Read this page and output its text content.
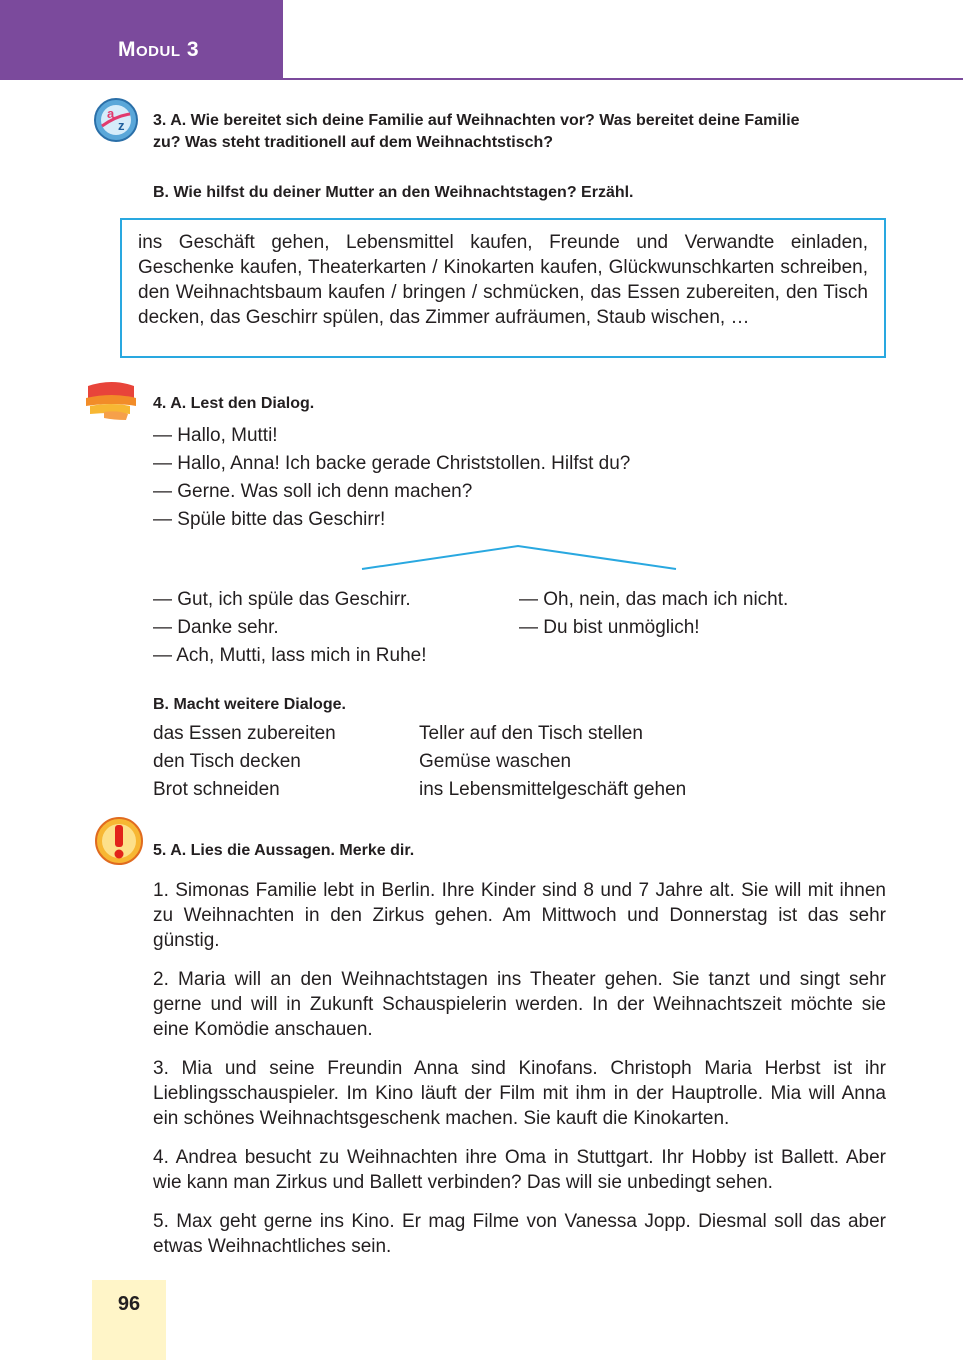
Modul 3
a
z 3. A. Wie bereitet sich deine Familie auf Weihnachten vor? Was bereitet deine Familie
zu? Was steht traditionell auf dem Weihnachtstisch?
B. Wie hilfst du deiner Mutter an den Weihnachtstagen? Erzähl.

ins Geschäft gehen, Lebensmittel kaufen, Freunde und Verwandte einladen, Geschenke kaufen, Theaterkarten / Kinokarten kaufen, Glückwunschkarten schreiben, den Weihnachtsbaum kaufen / bringen / schmücken, das Essen zubereiten, den Tisch decken, das Geschirr spülen, das Zimmer aufräumen, Staub wischen, …

4. A. Lest den Dialog.
— Hallo, Mutti!
— Hallo, Anna! Ich backe gerade Christstollen. Hilfst du?
— Gerne. Was soll ich denn machen?
— Spüle bitte das Geschirr!
— Gut, ich spüle das Geschirr.
— Danke sehr.
— Ach, Mutti, lass mich in Ruhe!
— Oh, nein, das mach ich nicht.
— Du bist unmöglich!
B. Macht weitere Dialoge.
das Essen zubereiten
den Tisch decken
Brot schneiden
Teller auf den Tisch stellen
Gemüse waschen
ins Lebensmittelgeschäft gehen
5. A. Lies die Aussagen. Merke dir.

1. Simonas Familie lebt in Berlin. Ihre Kinder sind 8 und 7 Jahre alt. Sie will mit ihnen zu Weihnachten in den Zirkus gehen. Am Mittwoch und Donnerstag ist das sehr günstig.

2. Maria will an den Weihnachtstagen ins Theater gehen. Sie tanzt und singt sehr gerne und will in Zukunft Schauspielerin werden. In der Weihnachtszeit möchte sie eine Komödie anschauen.

3. Mia und seine Freundin Anna sind Kinofans. Christoph Maria Herbst ist ihr Lieblingsschauspieler. Im Kino läuft der Film mit ihm in der Hauptrolle. Mia will Anna ein schönes Weihnachtsgeschenk machen. Sie kauft die Kinokarten.

4. Andrea besucht zu Weihnachten ihre Oma in Stuttgart. Ihr Hobby ist Ballett. Aber wie kann man Zirkus und Ballett verbinden? Das will sie unbedingt sehen.

5. Max geht gerne ins Kino. Er mag Filme von Vanessa Jopp. Diesmal soll das aber etwas Weihnachtliches sein.

96
